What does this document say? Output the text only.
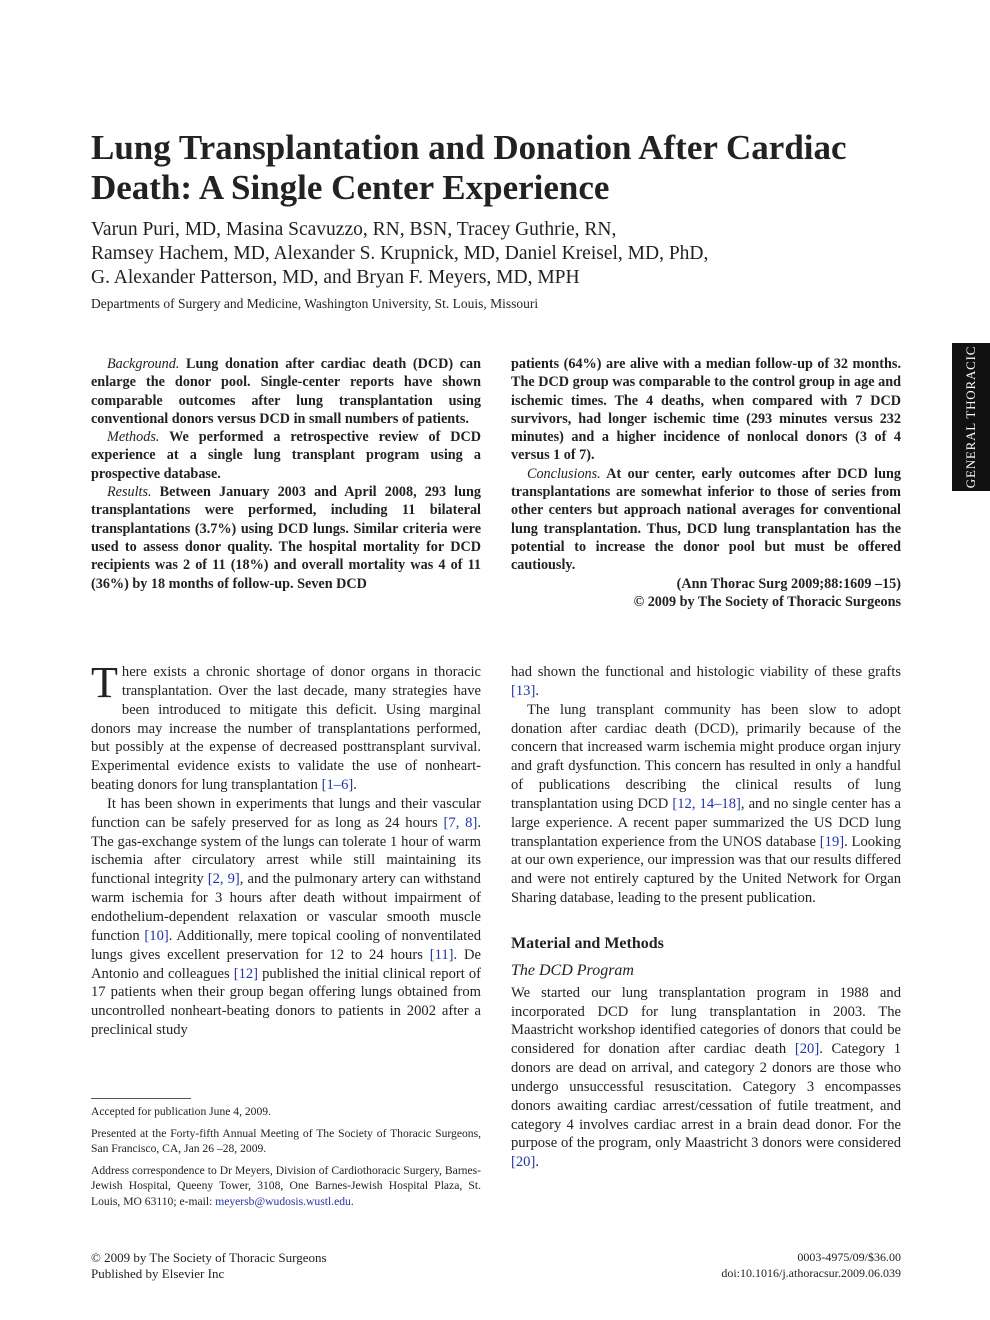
Lung Transplantation and Donation After Cardiac
Death: A Single Center Experience
Varun Puri, MD, Masina Scavuzzo, RN, BSN, Tracey Guthrie, RN,
Ramsey Hachem, MD, Alexander S. Krupnick, MD, Daniel Kreisel, MD, PhD,
G. Alexander Patterson, MD, and Bryan F. Meyers, MD, MPH
Departments of Surgery and Medicine, Washington University, St. Louis, Missouri
GENERAL THORACIC

Background. Lung donation after cardiac death (DCD) can enlarge the donor pool. Single-center reports have shown comparable outcomes after lung transplantation using conventional donors versus DCD in small numbers of patients.

Methods. We performed a retrospective review of DCD experience at a single lung transplant program using a prospective database.

Results. Between January 2003 and April 2008, 293 lung transplantations were performed, including 11 bilateral transplantations (3.7%) using DCD lungs. Similar criteria were used to assess donor quality. The hospital mortality for DCD recipients was 2 of 11 (18%) and overall mortality was 4 of 11 (36%) by 18 months of follow-up. Seven DCD

patients (64%) are alive with a median follow-up of 32 months. The DCD group was comparable to the control group in age and ischemic times. The 4 deaths, when compared with 7 DCD survivors, had longer ischemic time (293 minutes versus 232 minutes) and a higher incidence of nonlocal donors (3 of 4 versus 1 of 7).

Conclusions. At our center, early outcomes after DCD lung transplantations are somewhat inferior to those of series from other centers but approach national averages for conventional lung transplantation. Thus, DCD lung transplantation has the potential to increase the donor pool but must be offered cautiously.

(Ann Thorac Surg 2009;88:1609 –15)

© 2009 by The Society of Thoracic Surgeons

There exists a chronic shortage of donor organs in thoracic transplantation. Over the last decade, many strategies have been introduced to mitigate this deficit. Using marginal donors may increase the number of transplantations performed, but possibly at the expense of decreased posttransplant survival. Experimental evidence exists to validate the use of nonheart-beating donors for lung transplantation [1–6].

It has been shown in experiments that lungs and their vascular function can be safely preserved for as long as 24 hours [7, 8]. The gas-exchange system of the lungs can tolerate 1 hour of warm ischemia after circulatory arrest while still maintaining its functional integrity [2, 9], and the pulmonary artery can withstand warm ischemia for 3 hours after death without impairment of endothelium-dependent relaxation or vascular smooth muscle function [10]. Additionally, mere topical cooling of nonventilated lungs gives excellent preservation for 12 to 24 hours [11]. De Antonio and colleagues [12] published the initial clinical report of 17 patients when their group began offering lungs obtained from uncontrolled nonheart-beating donors to patients in 2002 after a preclinical study

had shown the functional and histologic viability of these grafts [13].

The lung transplant community has been slow to adopt donation after cardiac death (DCD), primarily because of the concern that increased warm ischemia might produce organ injury and graft dysfunction. This concern has resulted in only a handful of publications describing the clinical results of lung transplantation using DCD [12, 14–18], and no single center has a large experience. A recent paper summarized the US DCD lung transplantation experience from the UNOS database [19]. Looking at our own experience, our impression was that our results differed and were not entirely captured by the United Network for Organ Sharing database, leading to the present publication.

Material and Methods

The DCD Program

We started our lung transplantation program in 1988 and incorporated DCD for lung transplantation in 2003. The Maastricht workshop identified categories of donors that could be considered for donation after cardiac death [20]. Category 1 donors are dead on arrival, and category 2 donors are those who undergo unsuccessful resuscitation. Category 3 encompasses donors awaiting cardiac arrest/cessation of futile treatment, and category 4 involves cardiac arrest in a brain dead donor. For the purpose of the program, only Maastricht 3 donors were considered [20].

Accepted for publication June 4, 2009.

Presented at the Forty-fifth Annual Meeting of The Society of Thoracic Surgeons, San Francisco, CA, Jan 26 –28, 2009.

Address correspondence to Dr Meyers, Division of Cardiothoracic Surgery, Barnes-Jewish Hospital, Queeny Tower, 3108, One Barnes-Jewish Hospital Plaza, St. Louis, MO 63110; e-mail: meyersb@wudosis.wustl.edu.

© 2009 by The Society of Thoracic Surgeons
Published by Elsevier Inc
0003-4975/09/$36.00
doi:10.1016/j.athoracsur.2009.06.039
